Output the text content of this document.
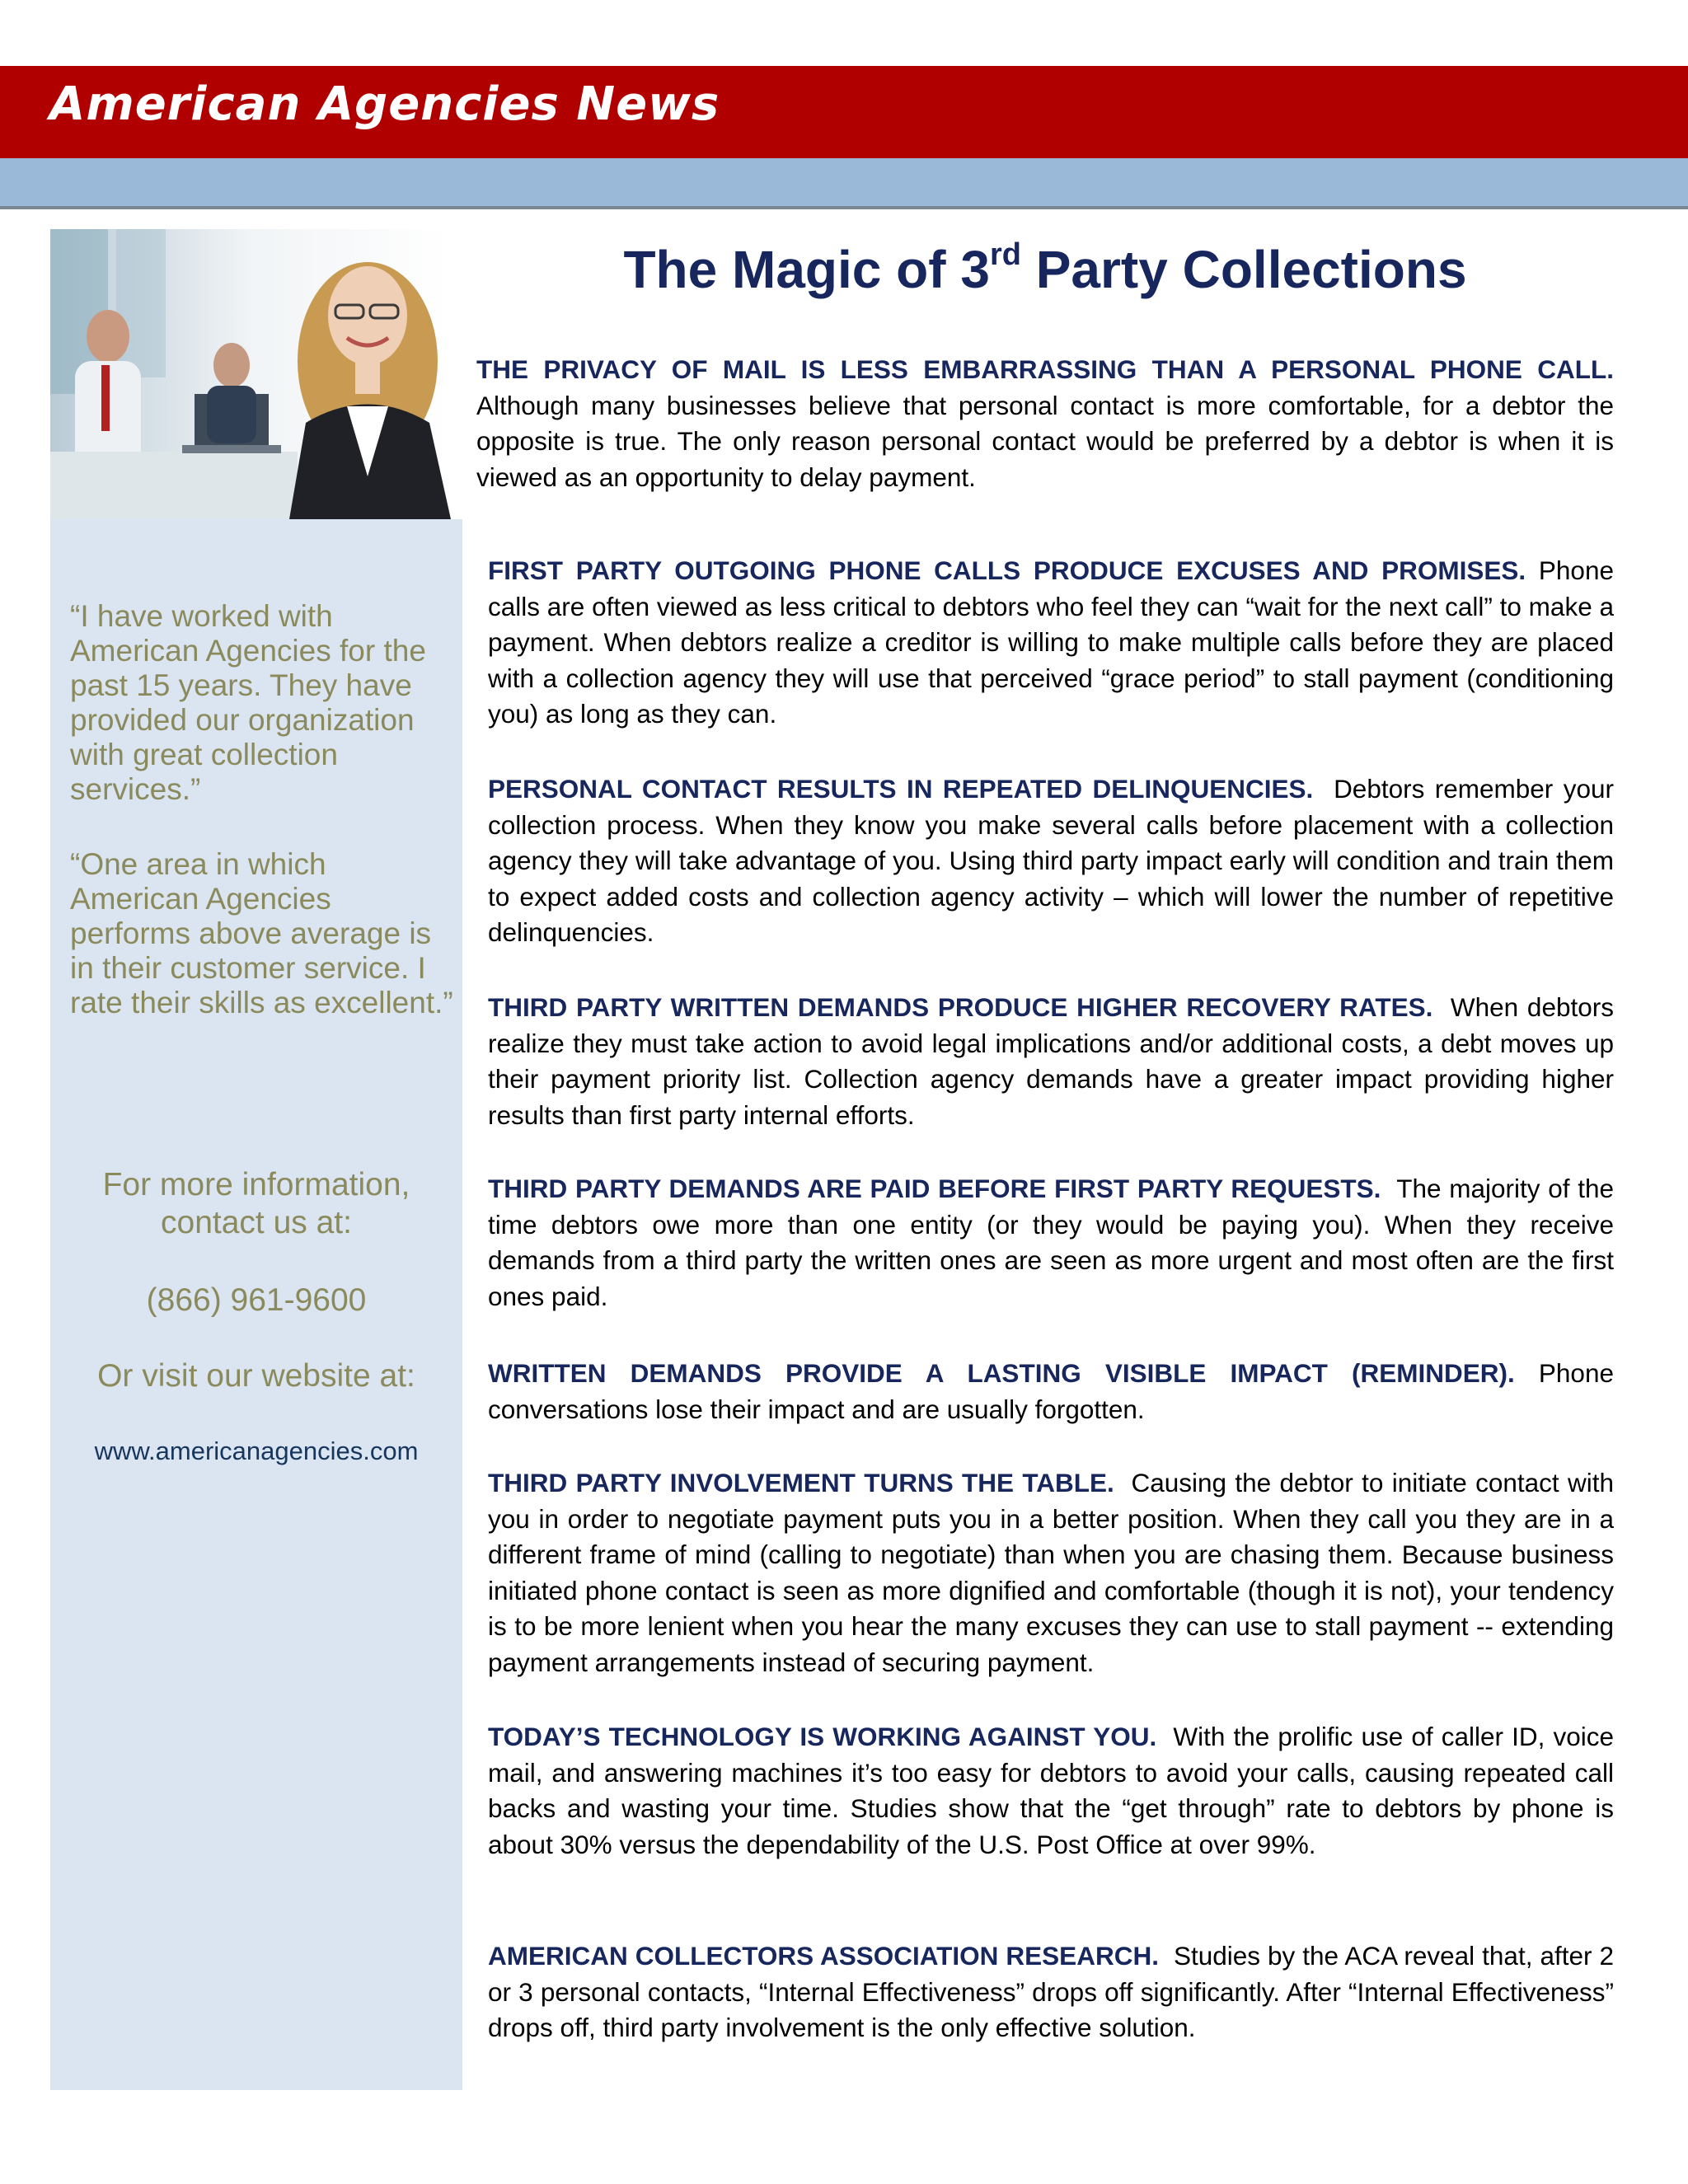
American Agencies News

“I have worked with American Agencies for the past 15 years. They have provided our organization with great collection services.”

“One area in which American Agencies performs above average is in their customer service. I rate their skills as excellent.”

For more information, contact us at:

(866) 961-9600

Or visit our website at:

www.americanagencies.com

The Magic of 3rd Party Collections

THE PRIVACY OF MAIL IS LESS EMBARRASSING THAN A PERSONAL PHONE CALL. Although many businesses believe that personal contact is more comfortable, for a debtor the opposite is true. The only reason personal contact would be preferred by a debtor is when it is viewed as an opportunity to delay payment.

FIRST PARTY OUTGOING PHONE CALLS PRODUCE EXCUSES AND PROMISES. Phone calls are often viewed as less critical to debtors who feel they can “wait for the next call” to make a payment. When debtors realize a creditor is willing to make multiple calls before they are placed with a collection agency they will use that perceived “grace period” to stall payment (conditioning you) as long as they can.

PERSONAL CONTACT RESULTS IN REPEATED DELINQUENCIES. Debtors remember your collection process. When they know you make several calls before placement with a collection agency they will take advantage of you. Using third party impact early will condition and train them to expect added costs and collection agency activity – which will lower the number of repetitive delinquencies.

THIRD PARTY WRITTEN DEMANDS PRODUCE HIGHER RECOVERY RATES. When debtors realize they must take action to avoid legal implications and/or additional costs, a debt moves up their payment priority list. Collection agency demands have a greater impact providing higher results than first party internal efforts.

THIRD PARTY DEMANDS ARE PAID BEFORE FIRST PARTY REQUESTS. The majority of the time debtors owe more than one entity (or they would be paying you). When they receive demands from a third party the written ones are seen as more urgent and most often are the first ones paid.

WRITTEN DEMANDS PROVIDE A LASTING VISIBLE IMPACT (REMINDER). Phone conversations lose their impact and are usually forgotten.

THIRD PARTY INVOLVEMENT TURNS THE TABLE. Causing the debtor to initiate contact with you in order to negotiate payment puts you in a better position. When they call you they are in a different frame of mind (calling to negotiate) than when you are chasing them. Because business initiated phone contact is seen as more dignified and comfortable (though it is not), your tendency is to be more lenient when you hear the many excuses they can use to stall payment -- extending payment arrangements instead of securing payment.

TODAY’S TECHNOLOGY IS WORKING AGAINST YOU. With the prolific use of caller ID, voice mail, and answering machines it’s too easy for debtors to avoid your calls, causing repeated call backs and wasting your time. Studies show that the “get through” rate to debtors by phone is about 30% versus the dependability of the U.S. Post Office at over 99%.

AMERICAN COLLECTORS ASSOCIATION RESEARCH. Studies by the ACA reveal that, after 2 or 3 personal contacts, “Internal Effectiveness” drops off significantly. After “Internal Effectiveness” drops off, third party involvement is the only effective solution.
